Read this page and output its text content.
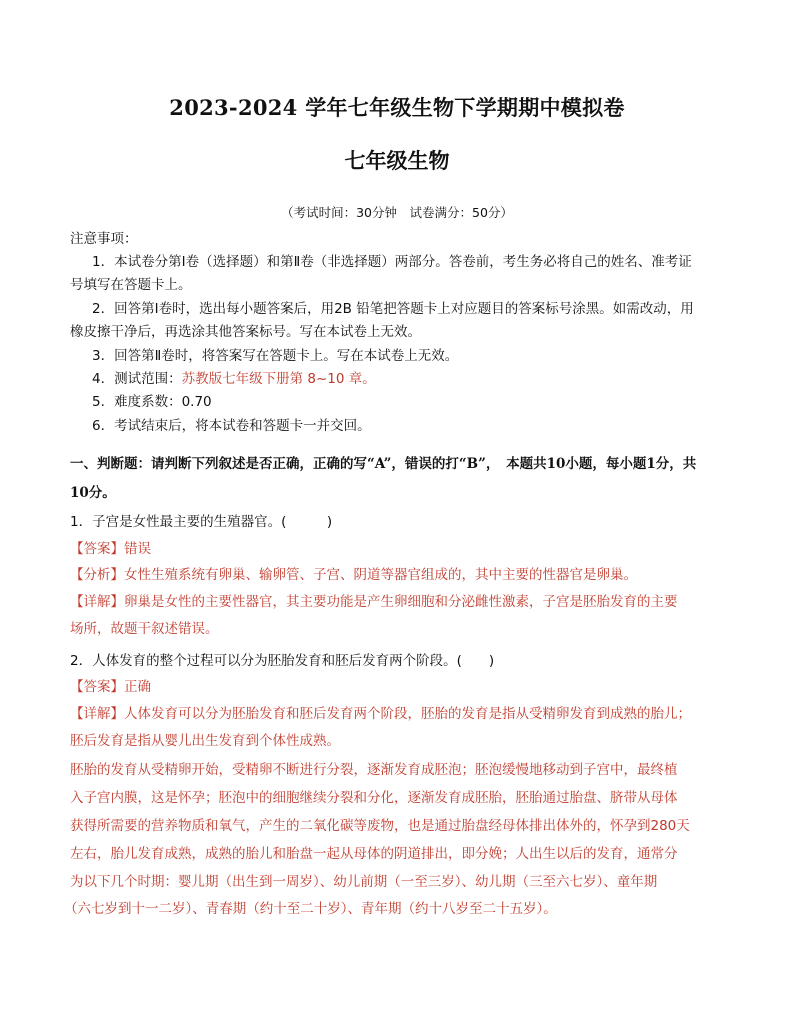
2023-2024 学年七年级生物下学期期中模拟卷
七年级生物
（考试时间：30分钟　试卷满分：50分）
注意事项：
1．本试卷分第Ⅰ卷（选择题）和第Ⅱ卷（非选择题）两部分。答卷前，考生务必将自己的姓名、准考证
号填写在答题卡上。
2．回答第Ⅰ卷时，选出每小题答案后，用2B 铅笔把答题卡上对应题目的答案标号涂黑。如需改动，用
橡皮擦干净后，再选涂其他答案标号。写在本试卷上无效。
3．回答第Ⅱ卷时，将答案写在答题卡上。写在本试卷上无效。
4．测试范围：苏教版七年级下册第 8~10 章。
5．难度系数：0.70
6．考试结束后，将本试卷和答题卡一并交回。
一、判断题：请判断下列叙述是否正确，正确的写“A”，错误的打“B”，　本题共10小题，每小题1分，共
10分。
1．子宫是女性最主要的生殖器官。(　　　)
【答案】错误
【分析】女性生殖系统有卵巢、输卵管、子宫、阴道等器官组成的，其中主要的性器官是卵巢。
【详解】卵巢是女性的主要性器官，其主要功能是产生卵细胞和分泌雌性激素，子宫是胚胎发育的主要
场所，故题干叙述错误。
2．人体发育的整个过程可以分为胚胎发育和胚后发育两个阶段。(　　)
【答案】正确
【详解】人体发育可以分为胚胎发育和胚后发育两个阶段，胚胎的发育是指从受精卵发育到成熟的胎儿；
胚后发育是指从婴儿出生发育到个体性成熟。
胚胎的发育从受精卵开始，受精卵不断进行分裂，逐渐发育成胚泡；胚泡缓慢地移动到子宫中，最终植
入子宫内膜，这是怀孕；胚泡中的细胞继续分裂和分化，逐渐发育成胚胎，胚胎通过胎盘、脐带从母体
获得所需要的营养物质和氧气，产生的二氧化碳等废物，也是通过胎盘经母体排出体外的，怀孕到280天
左右，胎儿发育成熟，成熟的胎儿和胎盘一起从母体的阴道排出，即分娩；人出生以后的发育，通常分
为以下几个时期：婴儿期（出生到一周岁）、幼儿前期（一至三岁）、幼儿期（三至六七岁）、童年期
（六七岁到十一二岁）、青春期（约十至二十岁）、青年期（约十八岁至二十五岁）。
